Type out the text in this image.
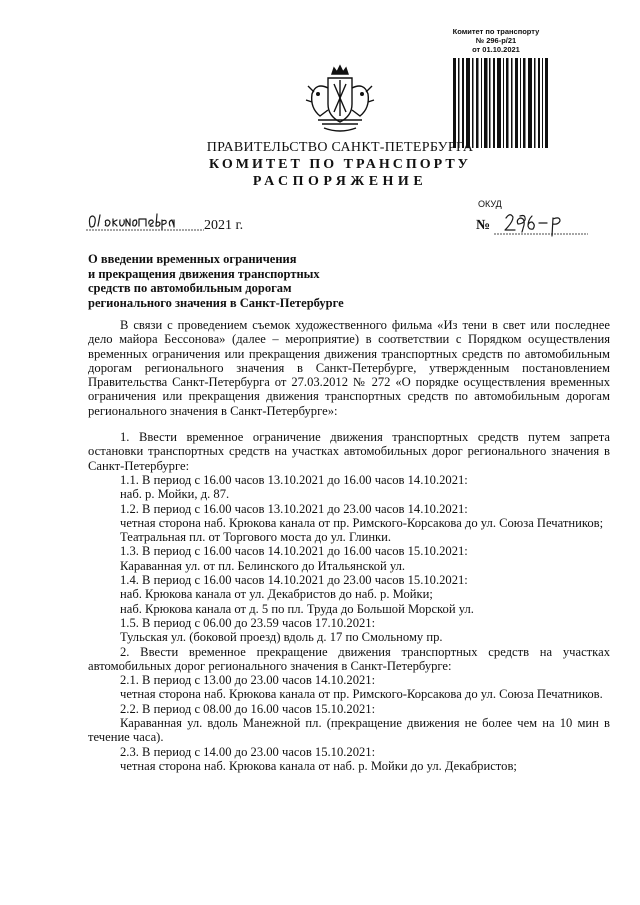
Комитет по транспорту
№ 296-р/21
от 01.10.2021
ПРАВИТЕЛЬСТВО САНКТ-ПЕТЕРБУРГА
КОМИТЕТ ПО ТРАНСПОРТУ
РАСПОРЯЖЕНИЕ
ОКУД
2021 г.	№
О введении временных ограничения
и прекращения движения транспортных
средств по автомобильным дорогам
регионального значения в Санкт-Петербурге

В связи с проведением съемок художественного фильма «Из тени в свет или последнее дело майора Бессонова» (далее – мероприятие) в соответствии с Порядком осуществления временных ограничения или прекращения движения транспортных средств по автомобильным дорогам регионального значения в Санкт-Петербурге, утвержденным постановлением Правительства Санкт-Петербурга от 27.03.2012 № 272 «О порядке осуществления временных ограничения или прекращения движения транспортных средств по автомобильным дорогам регионального значения в Санкт-Петербурге»:

1. Ввести временное ограничение движения транспортных средств путем запрета остановки транспортных средств на участках автомобильных дорог регионального значения в Санкт-Петербурге:

1.1. В период с 16.00 часов 13.10.2021 до 16.00 часов 14.10.2021:

наб. р. Мойки, д. 87.

1.2. В период с 16.00 часов 13.10.2021 до 23.00 часов 14.10.2021:

четная сторона наб. Крюкова канала от пр. Римского-Корсакова до ул. Союза Печатников;

Театральная пл. от Торгового моста до ул. Глинки.

1.3. В период с 16.00 часов 14.10.2021 до 16.00 часов 15.10.2021:

Караванная ул. от пл. Белинского до Итальянской ул.

1.4. В период с 16.00 часов 14.10.2021 до 23.00 часов 15.10.2021:

наб. Крюкова канала от ул. Декабристов до наб. р. Мойки;

наб. Крюкова канала от д. 5 по пл. Труда до Большой Морской ул.

1.5. В период с 06.00 до 23.59 часов 17.10.2021:

Тульская ул. (боковой проезд) вдоль д. 17 по Смольному пр.

2. Ввести временное прекращение движения транспортных средств на участках автомобильных дорог регионального значения в Санкт-Петербурге:

2.1. В период с 13.00 до 23.00 часов 14.10.2021:

четная сторона наб. Крюкова канала от пр. Римского-Корсакова до ул. Союза Печатников.

2.2. В период с 08.00 до 16.00 часов 15.10.2021:

Караванная ул. вдоль Манежной пл. (прекращение движения не более чем на 10 мин в течение часа).

2.3. В период с 14.00 до 23.00 часов 15.10.2021:

четная сторона наб. Крюкова канала от наб. р. Мойки до ул. Декабристов;
